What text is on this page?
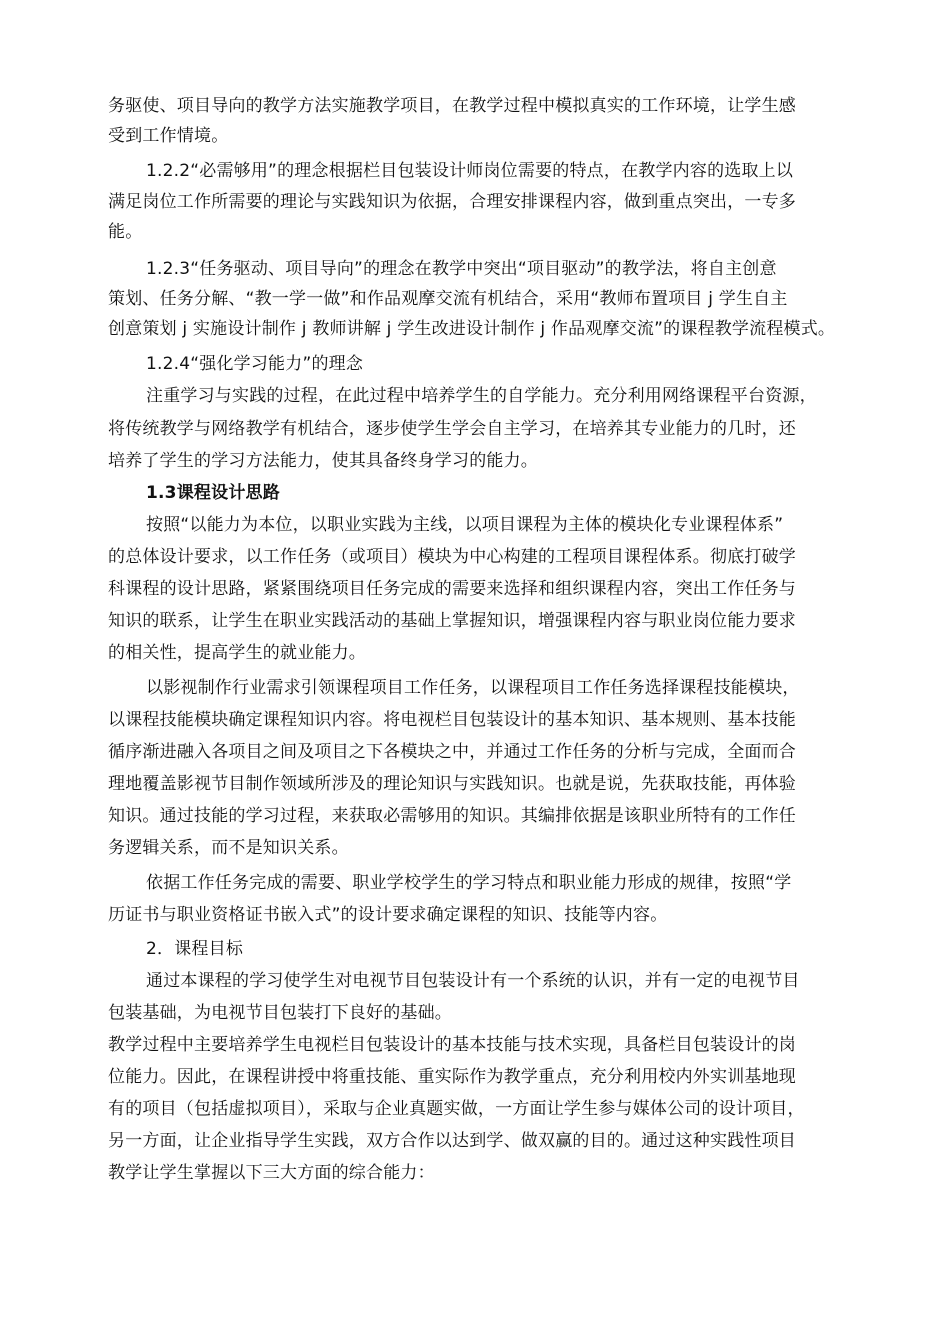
务驱使、项目导向的教学方法实施教学项目，在教学过程中模拟真实的工作环境，让学生感
受到工作情境。
1.2.2“必需够用”的理念根据栏目包装设计师岗位需要的特点，在教学内容的选取上以
满足岗位工作所需要的理论与实践知识为依据，合理安排课程内容，做到重点突出，一专多
能。
1.2.3“任务驱动、项目导向”的理念在教学中突出“项目驱动”的教学法，将自主创意
策划、任务分解、“教一学一做”和作品观摩交流有机结合，采用“教师布置项目 j 学生自主
创意策划 j 实施设计制作 j 教师讲解 j 学生改进设计制作 j 作品观摩交流”的课程教学流程模式。
1.2.4“强化学习能力”的理念
注重学习与实践的过程，在此过程中培养学生的自学能力。充分利用网络课程平台资源，
将传统教学与网络教学有机结合，逐步使学生学会自主学习，在培养其专业能力的几时，还
培养了学生的学习方法能力，使其具备终身学习的能力。
1.3课程设计思路
按照“以能力为本位，以职业实践为主线，以项目课程为主体的模块化专业课程体系”
的总体设计要求，以工作任务（或项目）模块为中心构建的工程项目课程体系。彻底打破学
科课程的设计思路，紧紧围绕项目任务完成的需要来选择和组织课程内容，突出工作任务与
知识的联系，让学生在职业实践活动的基础上掌握知识，增强课程内容与职业岗位能力要求
的相关性，提高学生的就业能力。
以影视制作行业需求引领课程项目工作任务，以课程项目工作任务选择课程技能模块，
以课程技能模块确定课程知识内容。将电视栏目包装设计的基本知识、基本规则、基本技能
循序渐进融入各项目之间及项目之下各模块之中，并通过工作任务的分析与完成，全面而合
理地覆盖影视节目制作领域所涉及的理论知识与实践知识。也就是说，先获取技能，再体验
知识。通过技能的学习过程，来获取必需够用的知识。其编排依据是该职业所特有的工作任
务逻辑关系，而不是知识关系。
依据工作任务完成的需要、职业学校学生的学习特点和职业能力形成的规律，按照“学
历证书与职业资格证书嵌入式”的设计要求确定课程的知识、技能等内容。
2．课程目标
通过本课程的学习使学生对电视节目包装设计有一个系统的认识，并有一定的电视节目
包装基础，为电视节目包装打下良好的基础。
教学过程中主要培养学生电视栏目包装设计的基本技能与技术实现，具备栏目包装设计的岗
位能力。因此，在课程讲授中将重技能、重实际作为教学重点，充分利用校内外实训基地现
有的项目（包括虚拟项目），采取与企业真题实做，一方面让学生参与媒体公司的设计项目，
另一方面，让企业指导学生实践，双方合作以达到学、做双赢的目的。通过这种实践性项目
教学让学生掌握以下三大方面的综合能力：
